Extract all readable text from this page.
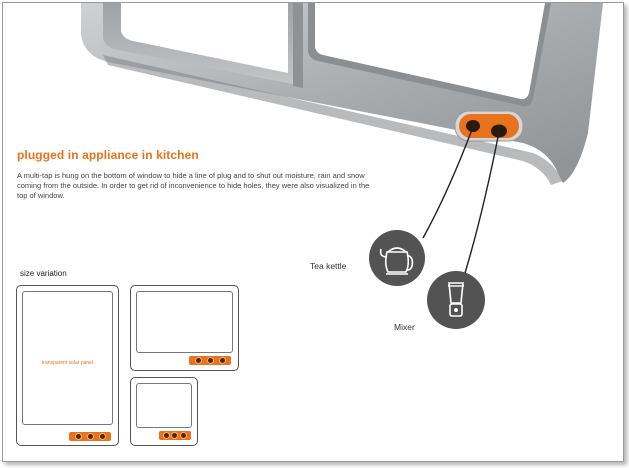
plugged in appliance in kitchen
A multi-tap is hung on the bottom of window to hide a line of plug and to shut out moisture, rain and snow coming from the outside. In order to get rid of inconvenience to hide holes, they were also visualized in the top of window.
size variation
transparent solar panel
Tea kettle
Mixer
